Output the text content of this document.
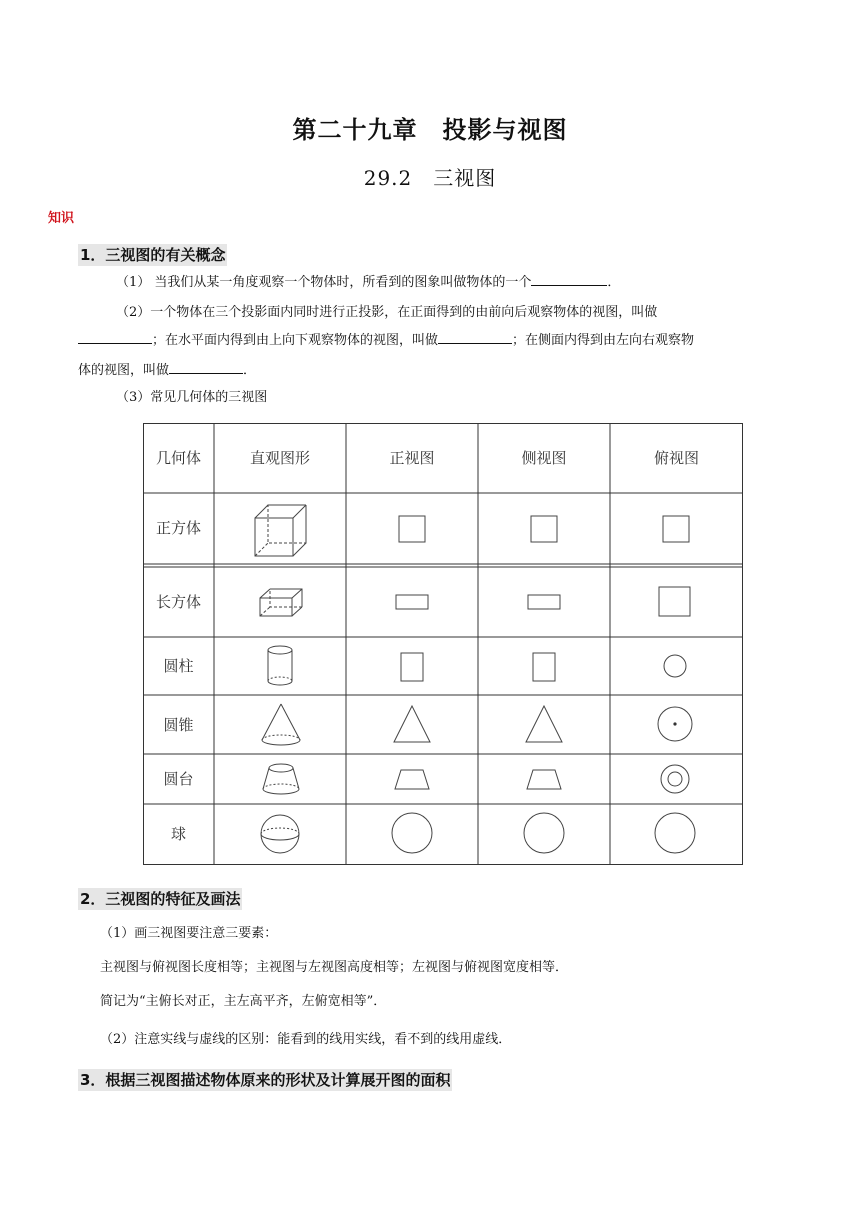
第二十九章　投影与视图
29.2　三视图
知识
1．三视图的有关概念
（1） 当我们从某一角度观察一个物体时，所看到的图象叫做物体的一个	．
（2）一个物体在三个投影面内同时进行正投影，在正面得到的由前向后观察物体的视图，叫做
；在水平面内得到由上向下观察物体的视图，叫做	；在侧面内得到由左向右观察物
体的视图，叫做	．
（3）常见几何体的三视图
几何体	直观图形	正视图	侧视图	俯视图
正方体
长方体
圆柱
圆锥
圆台
球
2．三视图的特征及画法
（1）画三视图要注意三要素：
主视图与俯视图长度相等；主视图与左视图高度相等；左视图与俯视图宽度相等．
简记为“主俯长对正，主左高平齐，左俯宽相等”．
（2）注意实线与虚线的区别：能看到的线用实线，看不到的线用虚线．
3．根据三视图描述物体原来的形状及计算展开图的面积
